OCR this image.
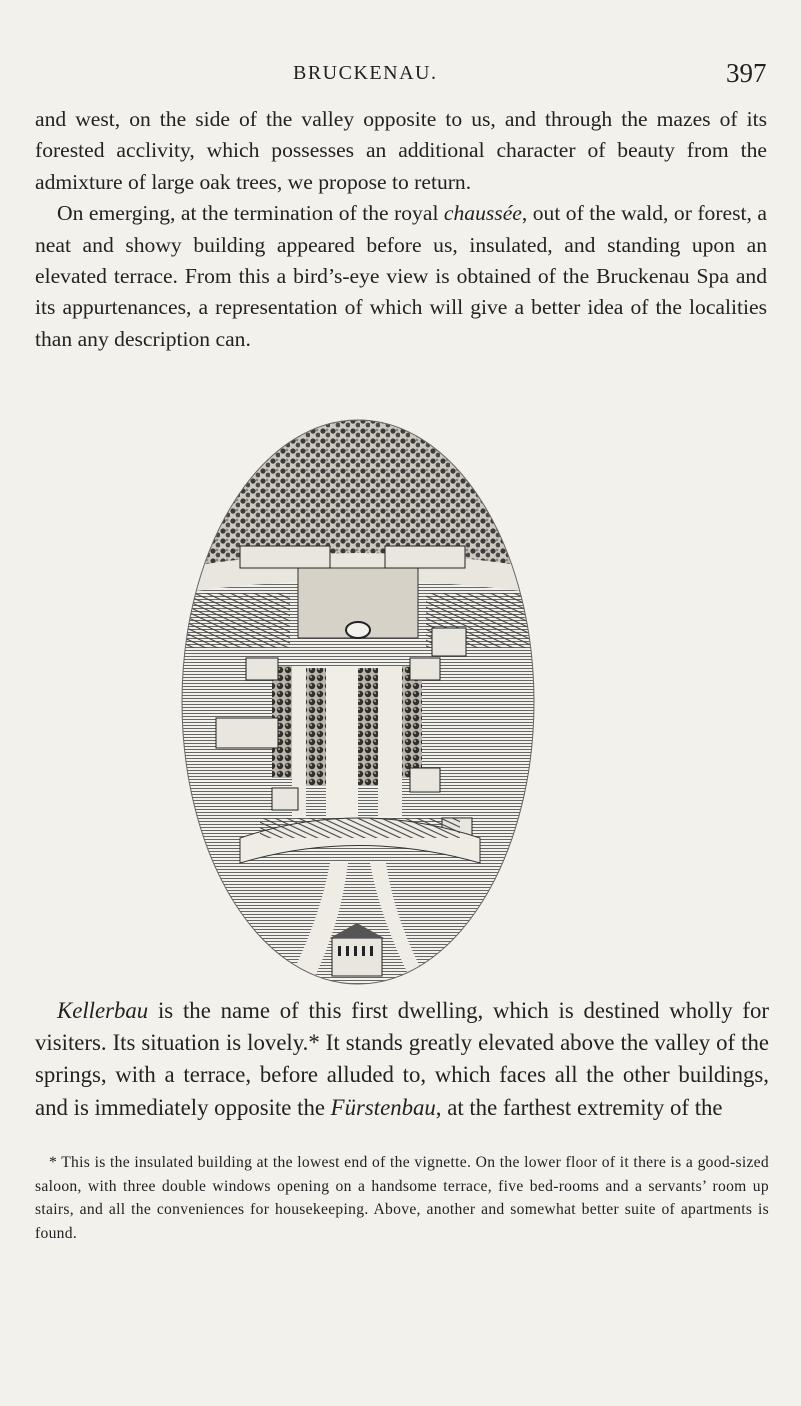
BRUCKENAU.	397

and west, on the side of the valley opposite to us, and through the mazes of its forested acclivity, which possesses an additional character of beauty from the admixture of large oak trees, we propose to return.

On emerging, at the termination of the royal chaussée, out of the wald, or forest, a neat and showy building appeared before us, insulated, and standing upon an elevated terrace. From this a bird’s-eye view is obtained of the Bruckenau Spa and its appurtenances, a representation of which will give a better idea of the localities than any description can.

Kellerbau is the name of this first dwelling, which is destined wholly for visiters. Its situation is lovely.* It stands greatly elevated above the valley of the springs, with a terrace, before alluded to, which faces all the other buildings, and is immediately opposite the Fürstenbau, at the farthest extremity of the

* This is the insulated building at the lowest end of the vignette. On the lower floor of it there is a good-sized saloon, with three double windows opening on a handsome terrace, five bed-rooms and a servants’ room up stairs, and all the conveniences for housekeeping. Above, another and somewhat better suite of apartments is found.
